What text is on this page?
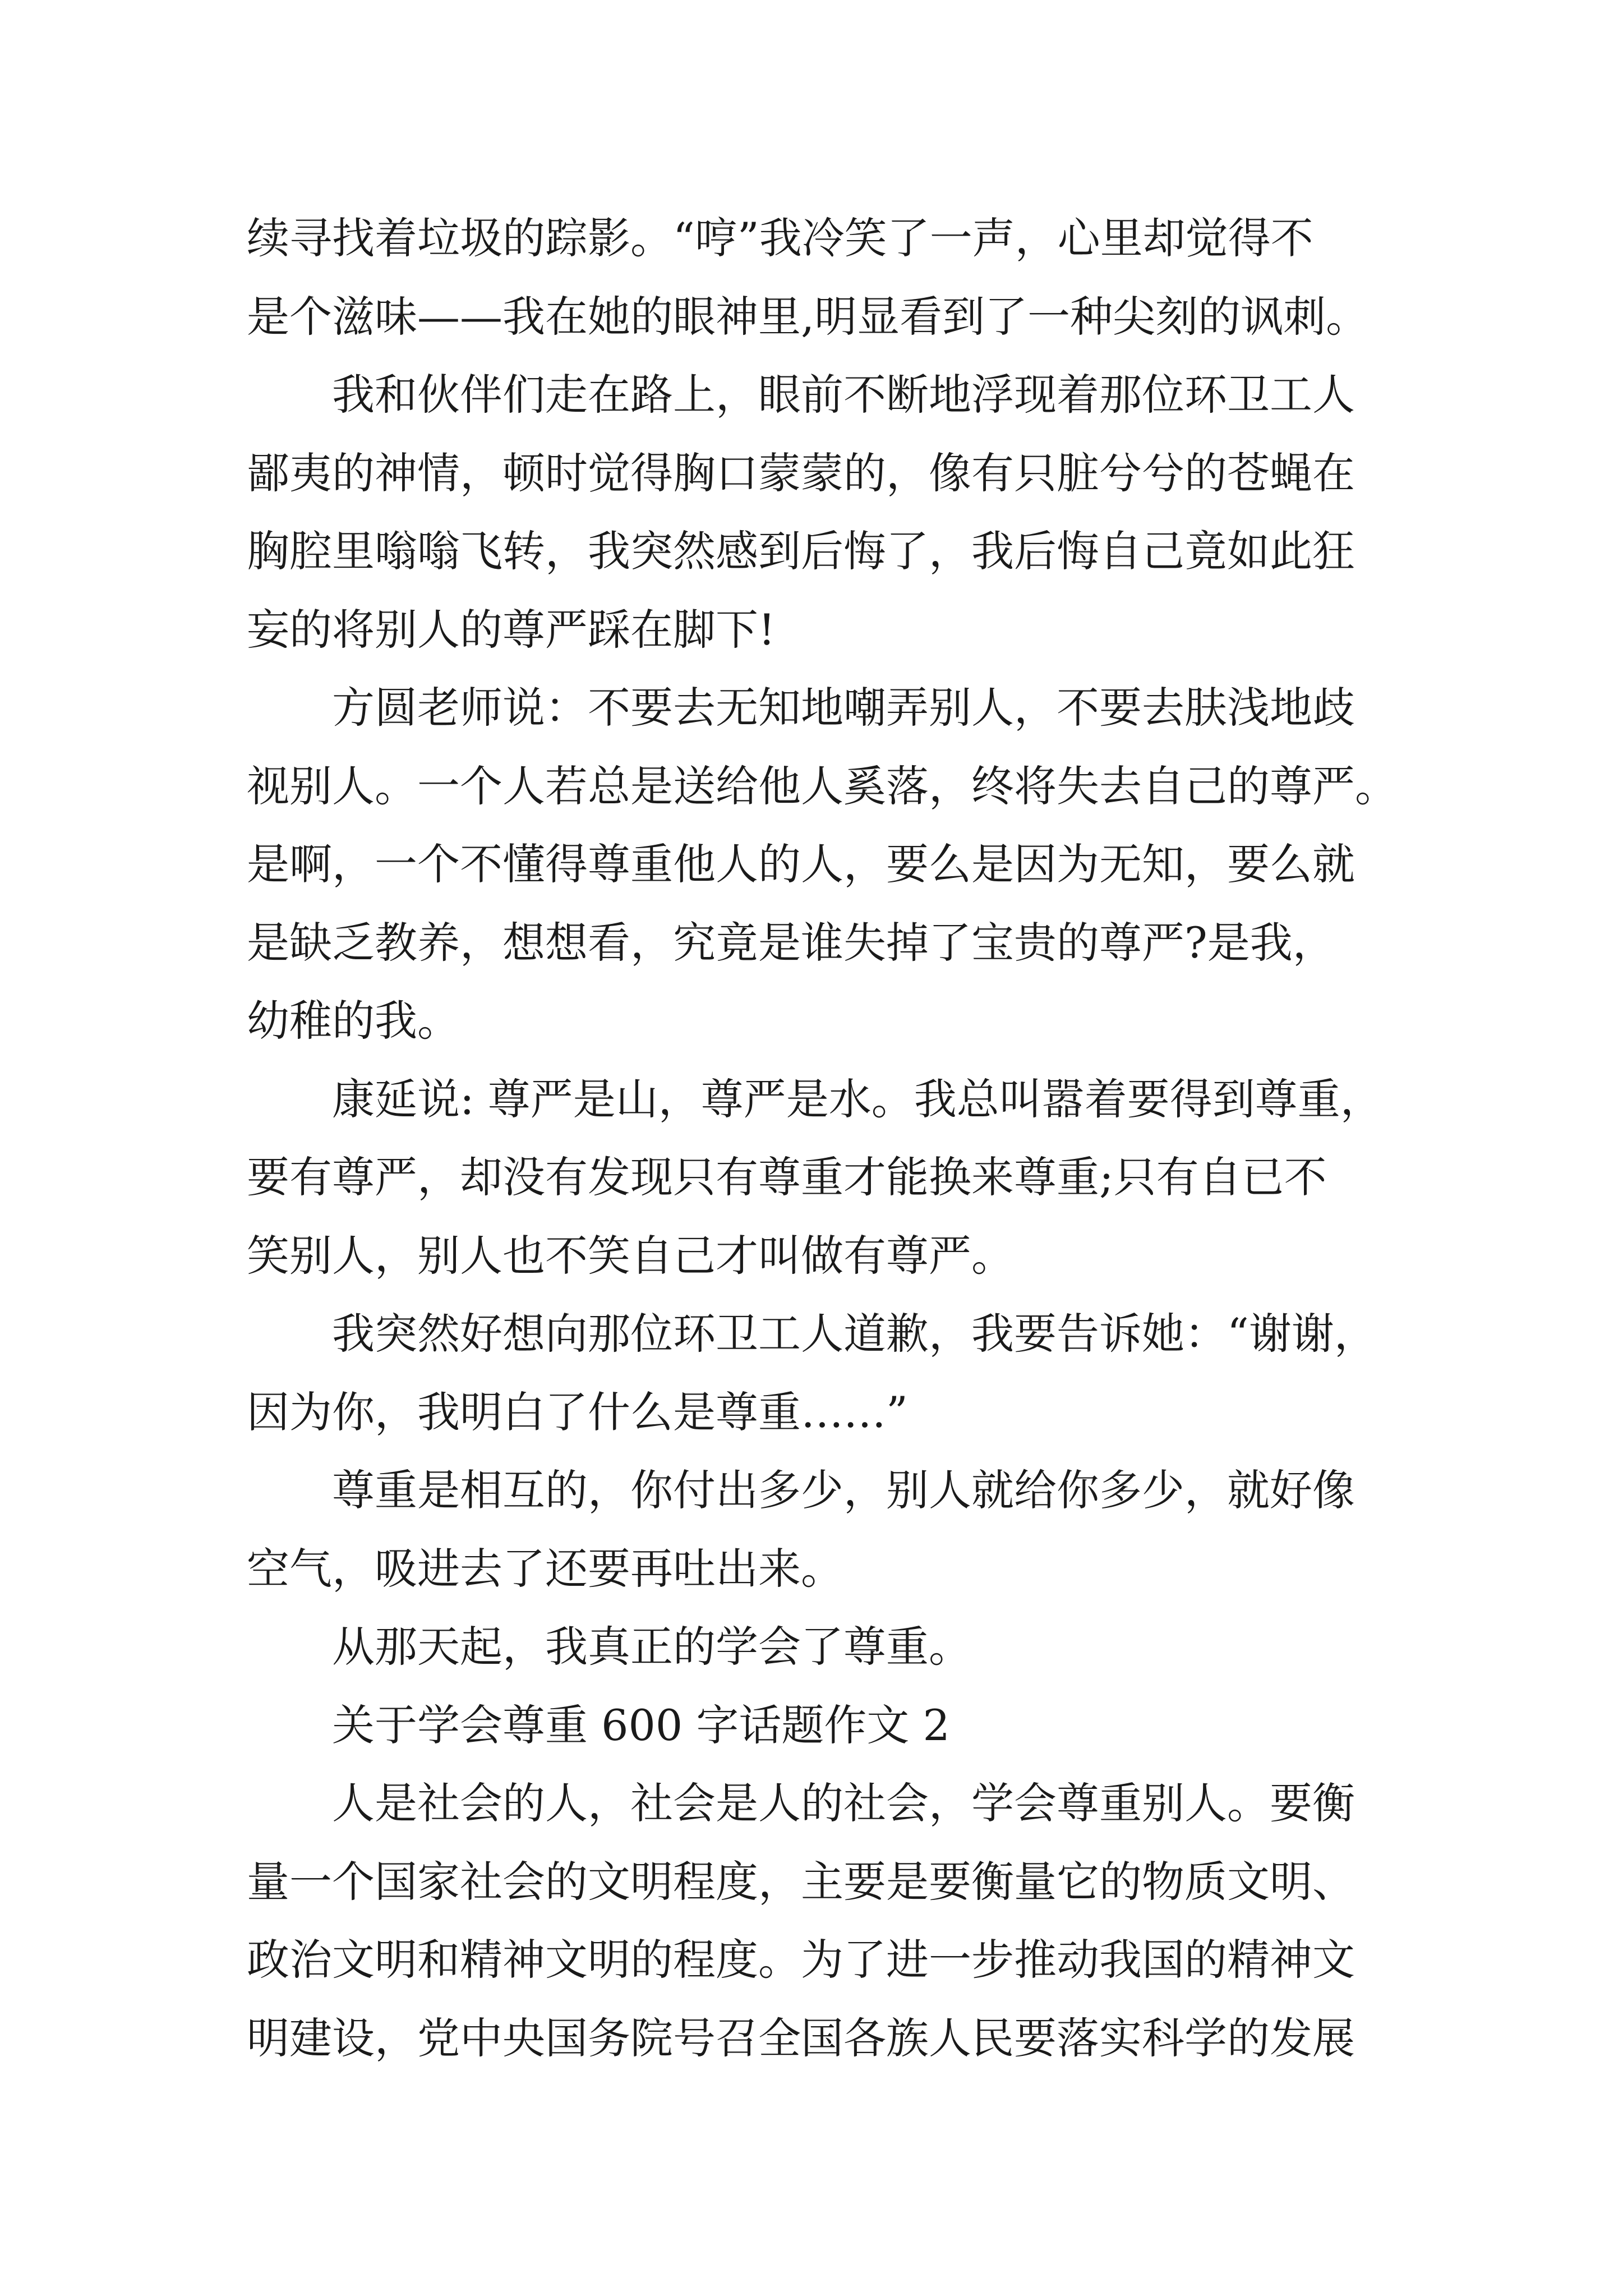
续寻找着垃圾的踪影。“哼”我冷笑了一声，心里却觉得不
是个滋味——我在她的眼神里,明显看到了一种尖刻的讽刺。
我和伙伴们走在路上，眼前不断地浮现着那位环卫工人
鄙夷的神情，顿时觉得胸口蒙蒙的，像有只脏兮兮的苍蝇在
胸腔里嗡嗡飞转，我突然感到后悔了，我后悔自己竟如此狂
妄的将别人的尊严踩在脚下!
方圆老师说：不要去无知地嘲弄别人，不要去肤浅地歧
视别人。一个人若总是送给他人奚落，终将失去自己的尊严。
是啊，一个不懂得尊重他人的人，要么是因为无知，要么就
是缺乏教养，想想看，究竟是谁失掉了宝贵的尊严?是我，
幼稚的我。
康延说: 尊严是山，尊严是水。我总叫嚣着要得到尊重，
要有尊严，却没有发现只有尊重才能换来尊重;只有自已不
笑别人，别人也不笑自己才叫做有尊严。
我突然好想向那位环卫工人道歉，我要告诉她：“谢谢，
因为你，我明白了什么是尊重……”
尊重是相互的，你付出多少，别人就给你多少，就好像
空气，吸进去了还要再吐出来。
从那天起，我真正的学会了尊重。
关于学会尊重 600 字话题作文 2
人是社会的人，社会是人的社会，学会尊重别人。要衡
量一个国家社会的文明程度，主要是要衡量它的物质文明、
政治文明和精神文明的程度。为了进一步推动我国的精神文
明建设，党中央国务院号召全国各族人民要落实科学的发展
